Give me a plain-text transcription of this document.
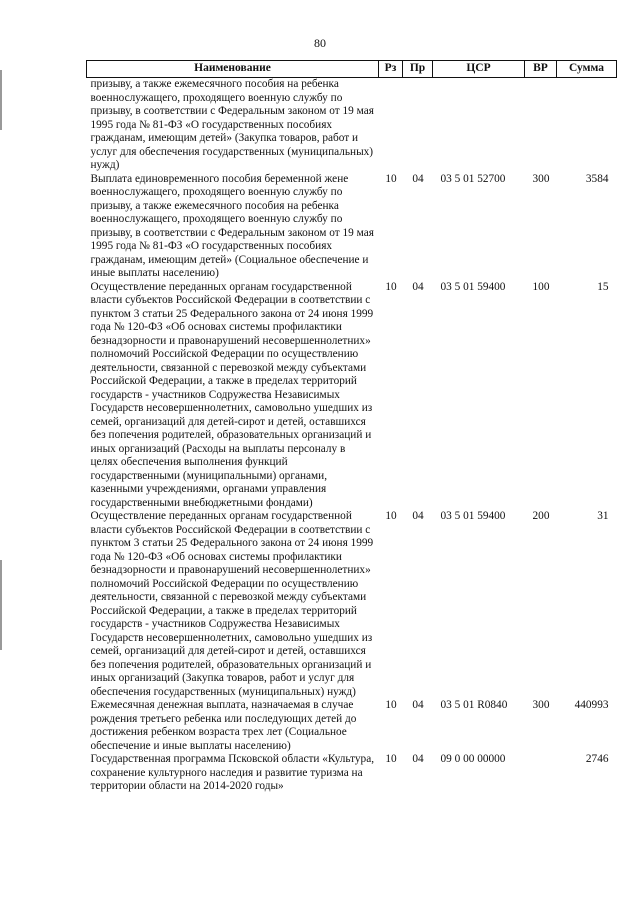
80
Наименование	Рз	Пр	ЦСР	ВР	Сумма
призыву, а также ежемесячного пособия на ребенка военнослужащего, проходящего военную службу по призыву, в соответствии с Федеральным законом от 19 мая 1995 года № 81-ФЗ «О государственных пособиях гражданам, имеющим детей» (Закупка товаров, работ и услуг для обеспечения государственных (муниципальных) нужд)					
Выплата единовременного пособия беременной жене военнослужащего, проходящего военную службу по призыву, а также ежемесячного пособия на ребенка военнослужащего, проходящего военную службу по призыву, в соответствии с Федеральным законом от 19 мая 1995 года № 81-ФЗ «О государственных пособиях гражданам, имеющим детей» (Социальное обеспечение и иные выплаты населению)	10	04	03 5 01 52700	300	3584
Осуществление переданных органам государственной власти субъектов Российской Федерации в соответствии с пунктом 3 статьи 25 Федерального закона от 24 июня 1999 года № 120-ФЗ «Об основах системы профилактики безнадзорности и правонарушений несовершеннолетних» полномочий Российской Федерации по осуществлению деятельности, связанной с перевозкой между субъектами Российской Федерации, а также в пределах территорий государств - участников Содружества Независимых Государств несовершеннолетних, самовольно ушедших из семей, организаций для детей-сирот и детей, оставшихся без попечения родителей, образовательных организаций и иных организаций (Расходы на выплаты персоналу в целях обеспечения выполнения функций государственными (муниципальными) органами, казенными учреждениями, органами управления государственными внебюджетными фондами)	10	04	03 5 01 59400	100	15
Осуществление переданных органам государственной власти субъектов Российской Федерации в соответствии с пунктом 3 статьи 25 Федерального закона от 24 июня 1999 года № 120-ФЗ «Об основах системы профилактики безнадзорности и правонарушений несовершеннолетних» полномочий Российской Федерации по осуществлению деятельности, связанной с перевозкой между субъектами Российской Федерации, а также в пределах территорий государств - участников Содружества Независимых Государств несовершеннолетних, самовольно ушедших из семей, организаций для детей-сирот и детей, оставшихся без попечения родителей, образовательных организаций и иных организаций (Закупка товаров, работ и услуг для обеспечения государственных (муниципальных) нужд)	10	04	03 5 01 59400	200	31
Ежемесячная денежная выплата, назначаемая в случае рождения третьего ребенка или последующих детей до достижения ребенком возраста трех лет (Социальное обеспечение и иные выплаты населению)	10	04	03 5 01 R0840	300	440993
Государственная программа Псковской области «Культура, сохранение культурного наследия и развитие туризма на территории области на 2014-2020 годы»	10	04	09 0 00 00000		2746
